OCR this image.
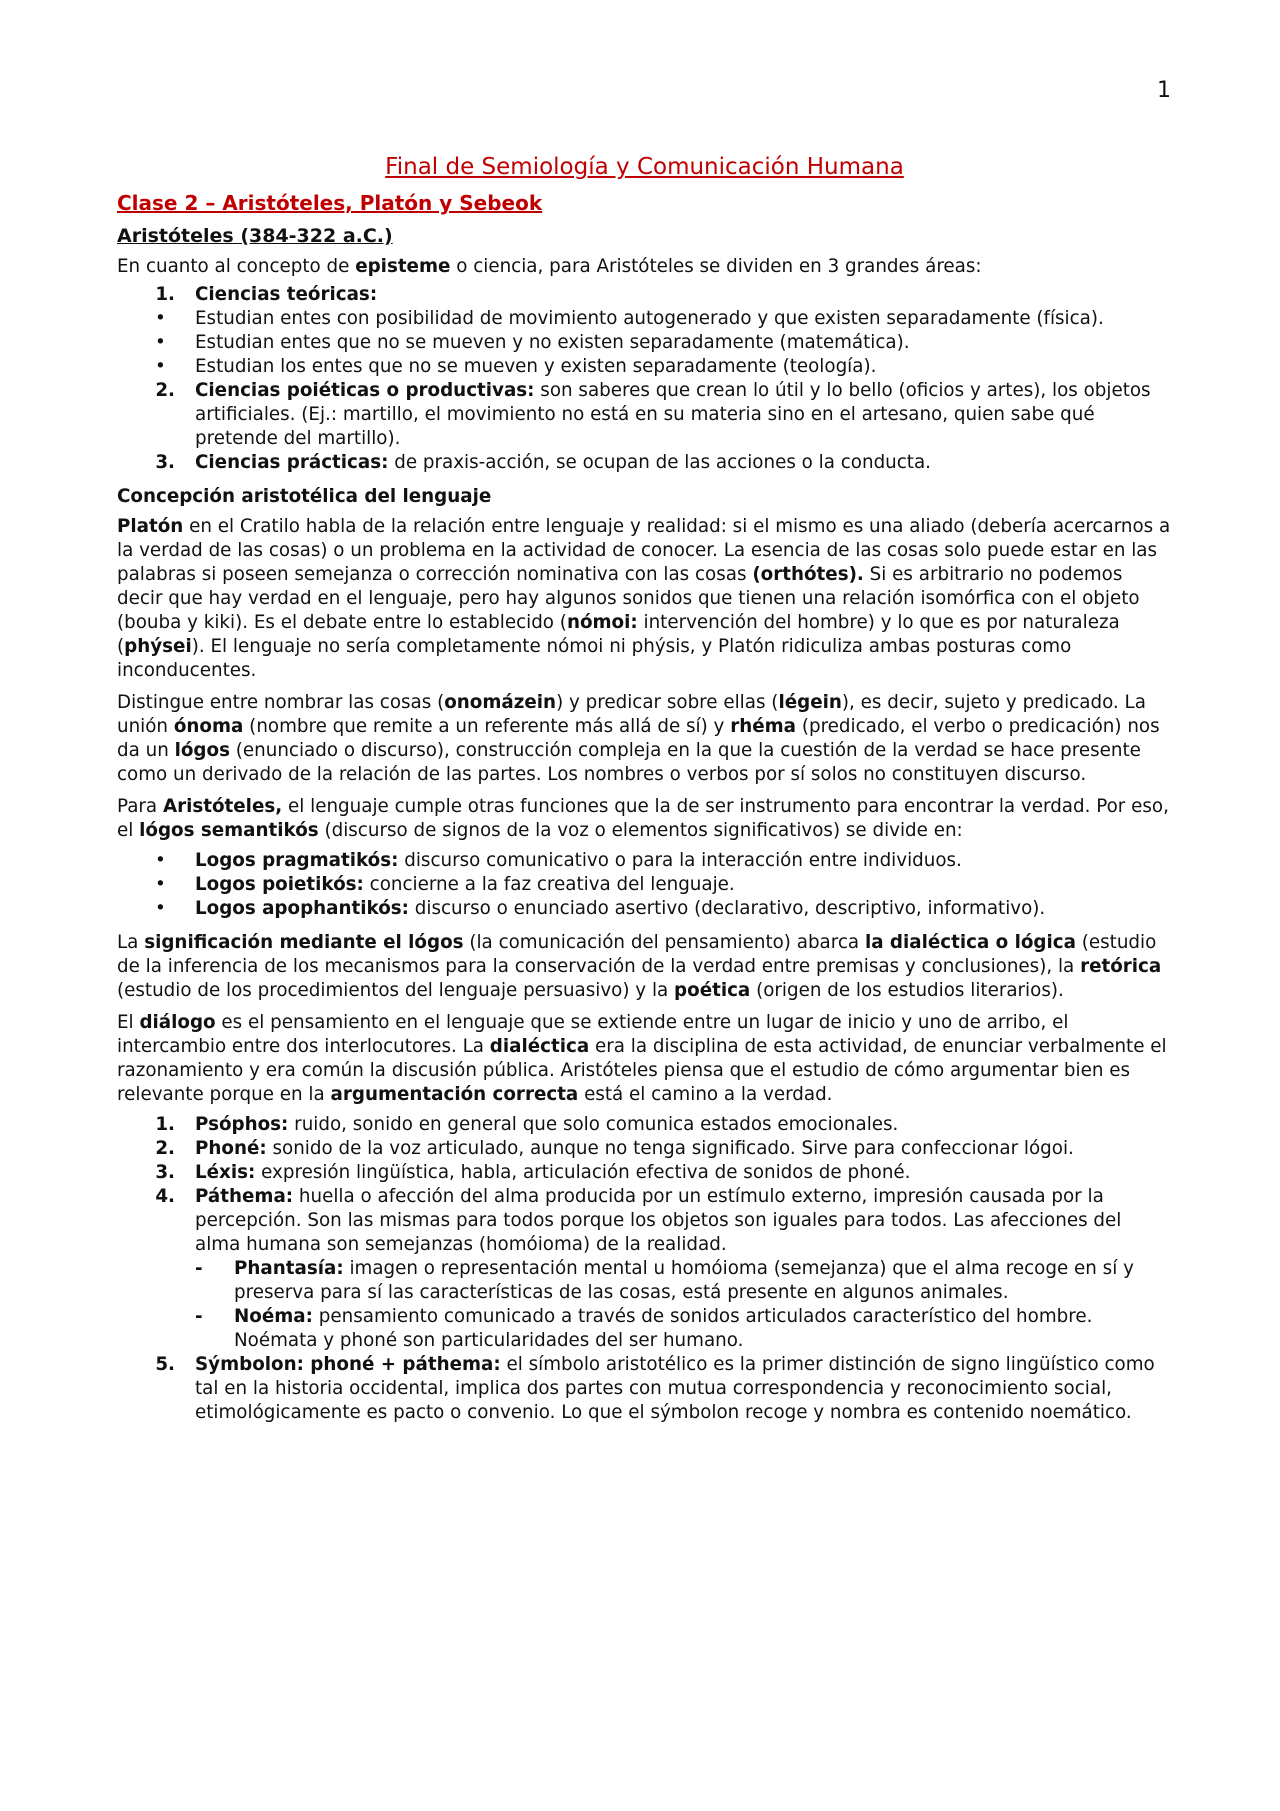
1
Final de Semiología y Comunicación Humana
Clase 2 – Aristóteles, Platón y Sebeok
Aristóteles (384-322 a.C.)

En cuanto al concepto de episteme o ciencia, para Aristóteles se dividen en 3 grandes áreas:

1. Ciencias teóricas:
•	Estudian entes con posibilidad de movimiento autogenerado y que existen separadamente (física).
•	Estudian entes que no se mueven y no existen separadamente (matemática).
•	Estudian los entes que no se mueven y existen separadamente (teología).
2. Ciencias poiéticas o productivas: son saberes que crean lo útil y lo bello (oficios y artes), los objetos artificiales. (Ej.: martillo, el movimiento no está en su materia sino en el artesano, quien sabe qué pretende del martillo).
3. Ciencias prácticas: de praxis-acción, se ocupan de las acciones o la conducta.
Concepción aristotélica del lenguaje

Platón en el Cratilo habla de la relación entre lenguaje y realidad: si el mismo es una aliado (debería acercarnos a la verdad de las cosas) o un problema en la actividad de conocer. La esencia de las cosas solo puede estar en las palabras si poseen semejanza o corrección nominativa con las cosas (orthótes). Si es arbitrario no podemos decir que hay verdad en el lenguaje, pero hay algunos sonidos que tienen una relación isomórfica con el objeto (bouba y kiki). Es el debate entre lo establecido (nómoi: intervención del hombre) y lo que es por naturaleza (phýsei). El lenguaje no sería completamente nómoi ni phýsis, y Platón ridiculiza ambas posturas como inconducentes.

Distingue entre nombrar las cosas (onomázein) y predicar sobre ellas (légein), es decir, sujeto y predicado. La unión ónoma (nombre que remite a un referente más allá de sí) y rhéma (predicado, el verbo o predicación) nos da un lógos (enunciado o discurso), construcción compleja en la que la cuestión de la verdad se hace presente como un derivado de la relación de las partes. Los nombres o verbos por sí solos no constituyen discurso.

Para Aristóteles, el lenguaje cumple otras funciones que la de ser instrumento para encontrar la verdad. Por eso, el lógos semantikós (discurso de signos de la voz o elementos significativos) se divide en:

•	Logos pragmatikós: discurso comunicativo o para la interacción entre individuos.
•	Logos poietikós: concierne a la faz creativa del lenguaje.
•	Logos apophantikós: discurso o enunciado asertivo (declarativo, descriptivo, informativo).

La significación mediante el lógos (la comunicación del pensamiento) abarca la dialéctica o lógica (estudio de la inferencia de los mecanismos para la conservación de la verdad entre premisas y conclusiones), la retórica (estudio de los procedimientos del lenguaje persuasivo) y la poética (origen de los estudios literarios).

El diálogo es el pensamiento en el lenguaje que se extiende entre un lugar de inicio y uno de arribo, el intercambio entre dos interlocutores. La dialéctica era la disciplina de esta actividad, de enunciar verbalmente el razonamiento y era común la discusión pública. Aristóteles piensa que el estudio de cómo argumentar bien es relevante porque en la argumentación correcta está el camino a la verdad.

1. Psóphos: ruido, sonido en general que solo comunica estados emocionales.
2. Phoné: sonido de la voz articulado, aunque no tenga significado. Sirve para confeccionar lógoi.
3. Léxis: expresión lingüística, habla, articulación efectiva de sonidos de phoné.
4. Páthema: huella o afección del alma producida por un estímulo externo, impresión causada por la percepción. Son las mismas para todos porque los objetos son iguales para todos. Las afecciones del alma humana son semejanzas (homóioma) de la realidad.
-	Phantasía: imagen o representación mental u homóioma (semejanza) que el alma recoge en sí y preserva para sí las características de las cosas, está presente en algunos animales.
-	Noéma: pensamiento comunicado a través de sonidos articulados característico del hombre. Noémata y phoné son particularidades del ser humano.
5. Sýmbolon: phoné + páthema: el símbolo aristotélico es la primer distinción de signo lingüístico como tal en la historia occidental, implica dos partes con mutua correspondencia y reconocimiento social, etimológicamente es pacto o convenio. Lo que el sýmbolon recoge y nombra es contenido noemático.
